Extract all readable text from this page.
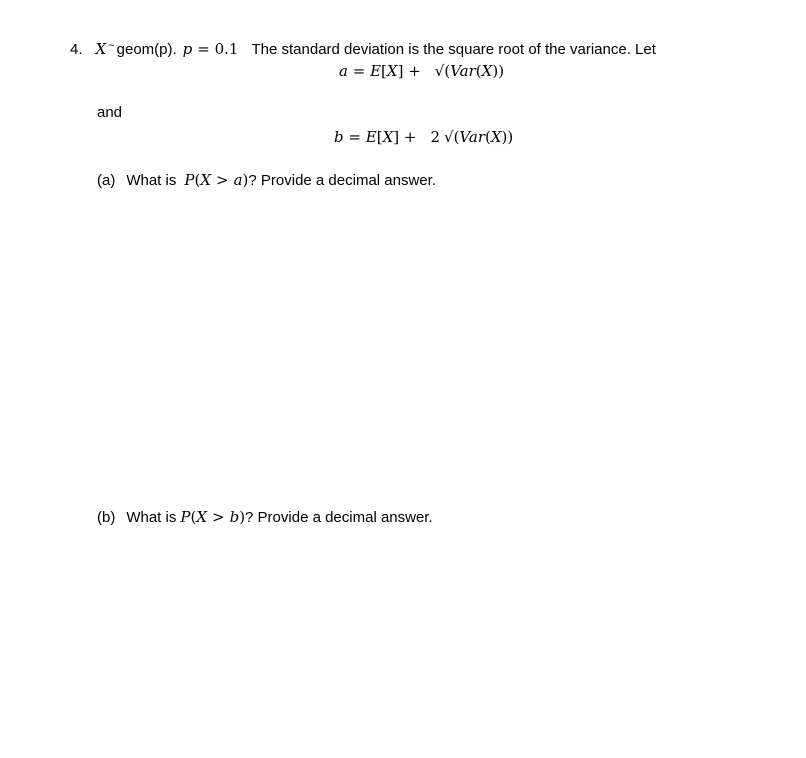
4. X ~ geom(p). p = 0.1 The standard deviation is the square root of the variance. Let
a = E[X] + √(Var(X))
and
b = E[X] + 2 √(Var(X))
(a) What is P(X > a)? Provide a decimal answer.
(b) What is P(X > b)? Provide a decimal answer.
